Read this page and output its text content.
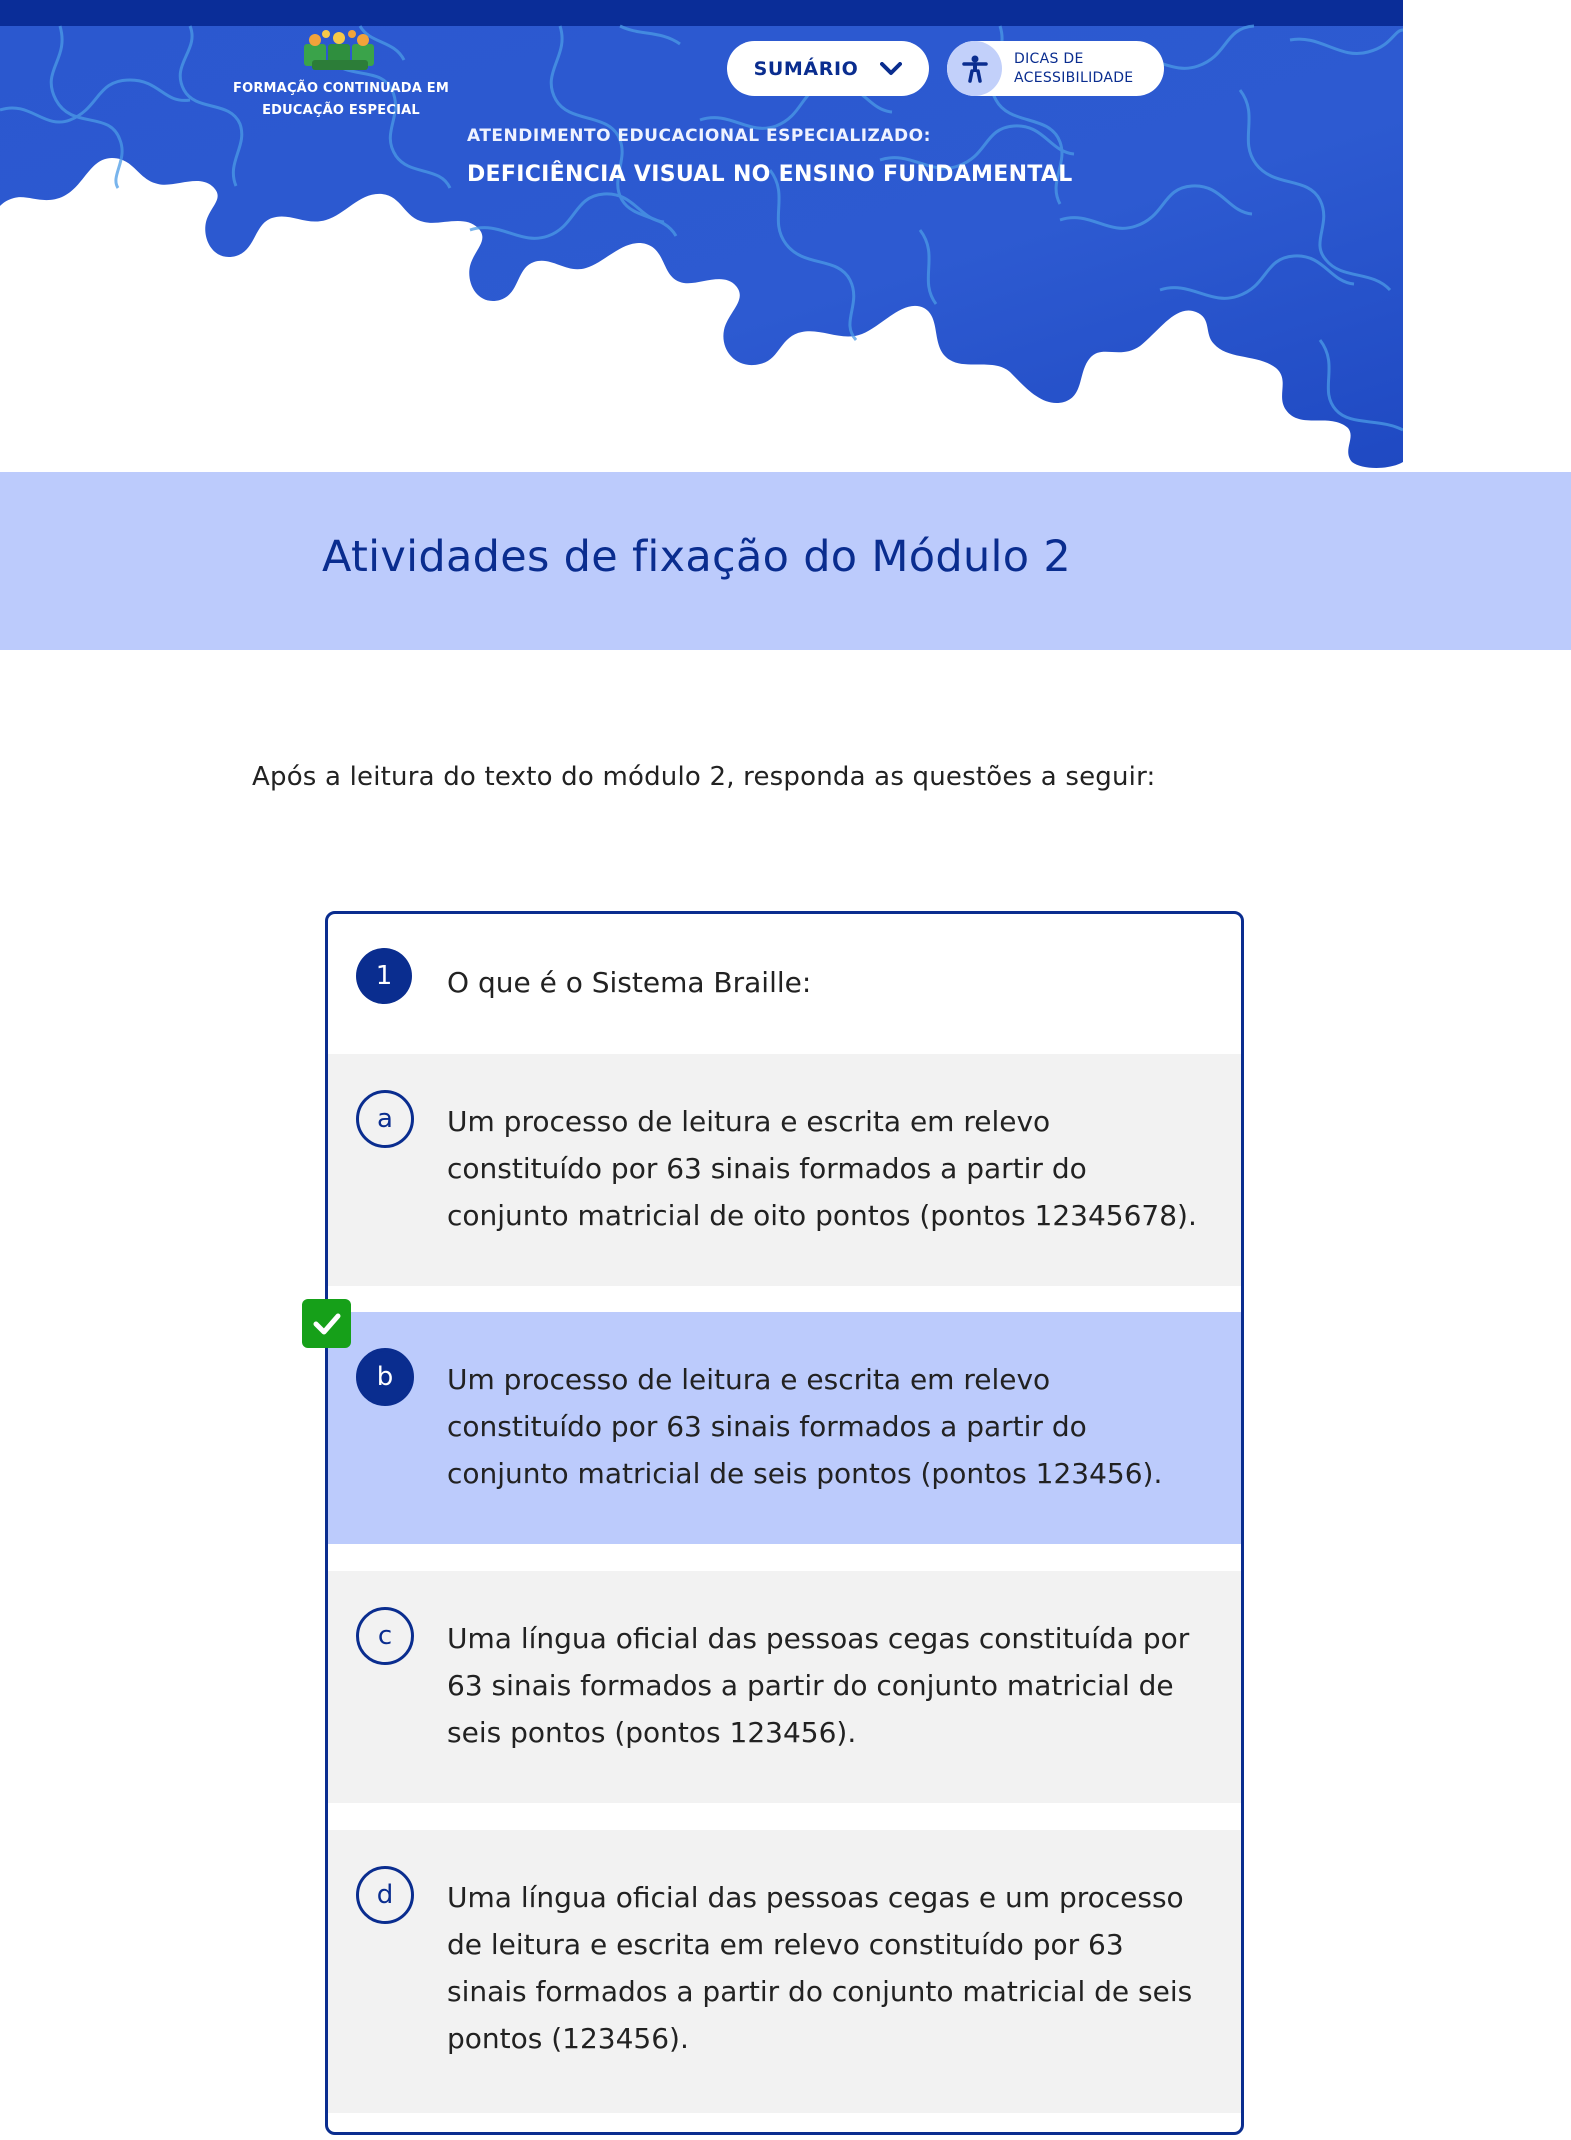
FORMAÇÃO CONTINUADA EM
EDUCAÇÃO ESPECIAL
SUMÁRIO	DICAS DE
ACESSIBILIDADE
ATENDIMENTO EDUCACIONAL ESPECIALIZADO:
DEFICIÊNCIA VISUAL NO ENSINO FUNDAMENTAL
Atividades de fixação do Módulo 2

Após a leitura do texto do módulo 2, responda as questões a seguir:

1	O que é o Sistema Braille:

a	Um processo de leitura e escrita em relevo constituído por 63 sinais formados a partir do conjunto matricial de oito pontos (pontos 12345678).

b	Um processo de leitura e escrita em relevo constituído por 63 sinais formados a partir do conjunto matricial de seis pontos (pontos 123456).

c	Uma língua oficial das pessoas cegas constituída por 63 sinais formados a partir do conjunto matricial de seis pontos (pontos 123456).

d	Uma língua oficial das pessoas cegas e um processo de leitura e escrita em relevo constituído por 63 sinais formados a partir do conjunto matricial de seis pontos (123456).
